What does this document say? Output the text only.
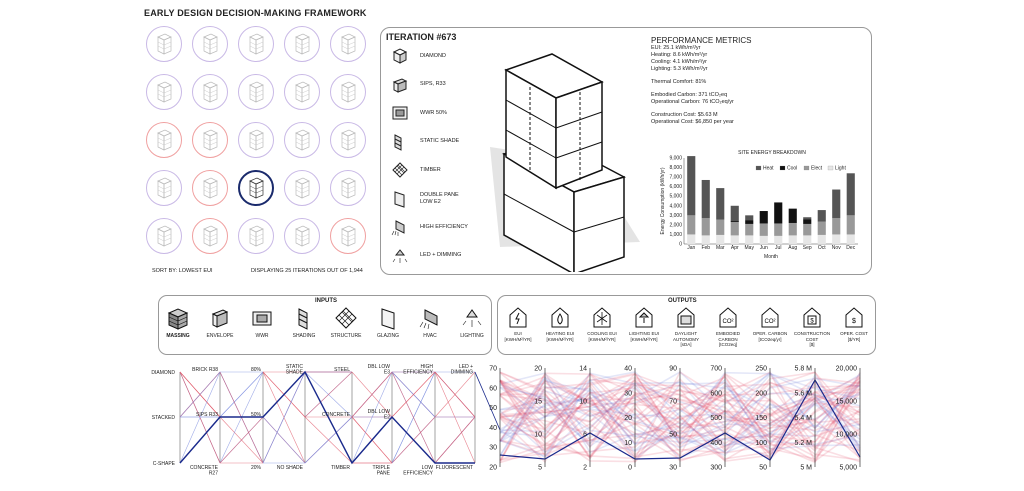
EARLY DESIGN DECISION-MAKING FRAMEWORK
SORT BY: LOWEST EUI	DISPLAYING 25 ITERATIONS OUT OF 1,944
ITERATION #673
DIAMOND
SIPS, R33
WWR 50%
STATIC SHADE
TIMBER
DOUBLE PANE LOW E2
HIGH EFFICIENCY
LED + DIMMING
PERFORMANCE METRICS
EUI: 25.1 kWh/m²/yr
Heating: 8.6 kWh/m²/yr
Cooling: 4.1 kWh/m²/yr
Lighting: 5.3 kWh/m²/yr
Thermal Comfort: 81%
Embodied Carbon: 371 tCO₂eq
Operational Carbon: 76 tCO₂eq/yr
Construction Cost: $5.63 M
Operational Cost: $6,850 per year
SITE ENERGY BREAKDOWN
0
1,000
2,000
3,000
4,000
5,000
6,000
7,000
8,000
9,000
Energy Consumption (kWh/yr)
Month
Jan Feb Mar Apr May Jun Jul Aug Sep Oct Nov Dec
Heat	Cool	Elect	Light
INPUTS	OUTPUTS
MASSING	ENVELOPE	WWR	SHADING	STRUCTURE	GLAZING	HVAC	LIGHTING	EUI
[KWH/M²/YR]
HEATING EUI
[KWH/M²/YR]
COOLING EUI
[KWH/M²/YR]
LIGHTING EUI
[KWH/M²/YR]
DAYLIGHT AUTONOMY
[sDA]
CO²
EMBODIED CARBON
[tCO2eq]
CO²
OPER. CARBON
[tCO2eq/yr]
$
CONSTRUCTION COST
[$]
$
OPER. COST
[$/YR]
DIAMOND
STACKED
C-SHAPE
BRICK R38
SIPS R33
CONCRETE R27
80%
50%
20%
STATIC SHADE
NO SHADE
STEEL
CONCRETE
TIMBER
DBL LOW E3
DBL LOW E2
TRIPLE PANE
HIGH EFFICIENCY
LOW EFFICIENCY
LED + DIMMING
FLUORESCENT
70
60
50
40
30
20
20
15
10
5
14
10
6
2
40
30
20
10
0
90
70
50
30
700
600
500
400
300
250
200
150
100
50
5.8 M
5.6 M
5.4 M
5.2 M
5 M
20,000
15,000
10,000
5,000
